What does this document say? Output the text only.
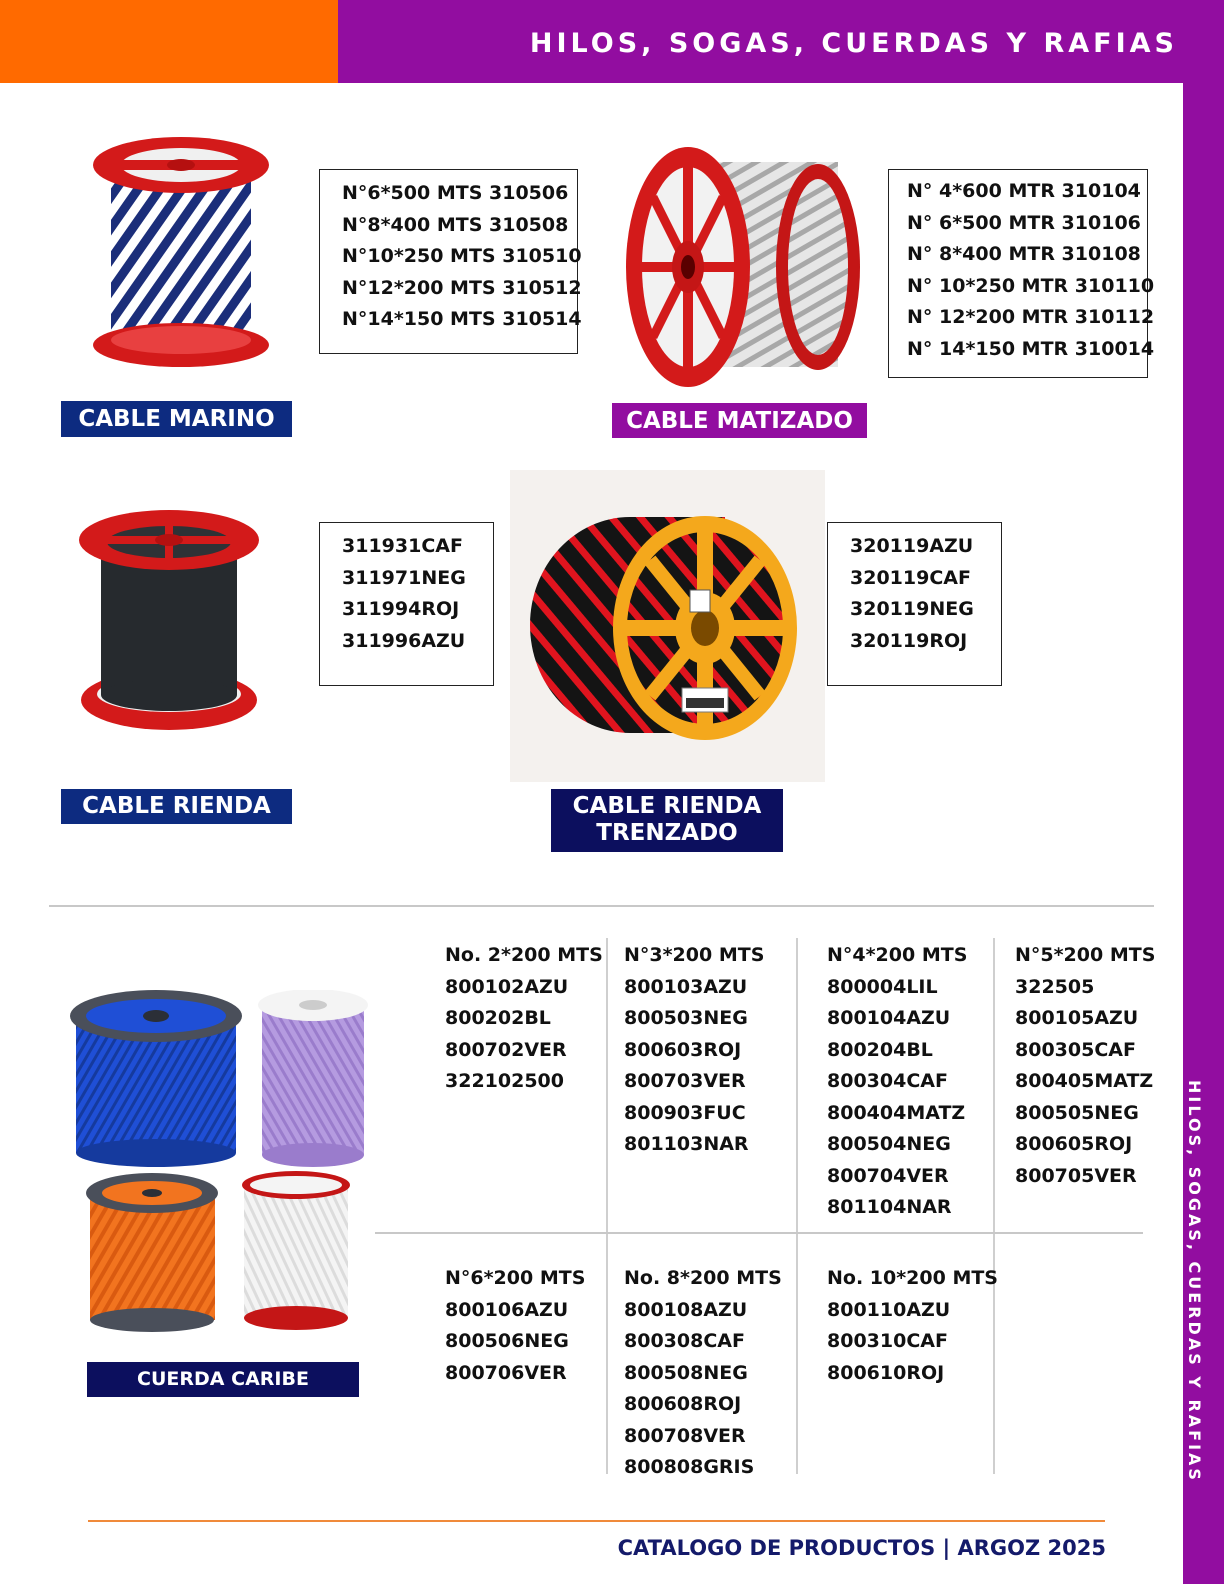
HILOS, SOGAS, CUERDAS Y RAFIAS
HILOS, SOGAS, CUERDAS Y RAFIAS
N°6*500 MTS 310506
N°8*400 MTS 310508
N°10*250 MTS 310510
N°12*200 MTS 310512
N°14*150 MTS 310514
CABLE MARINO
N° 4*600 MTR 310104
N° 6*500 MTR 310106
N° 8*400 MTR 310108
N° 10*250 MTR 310110
N° 12*200 MTR 310112
N° 14*150 MTR 310014
CABLE MATIZADO
311931CAF
311971NEG
311994ROJ
311996AZU
CABLE RIENDA
320119AZU
320119CAF
320119NEG
320119ROJ
CABLE RIENDA
TRENZADO
CUERDA CARIBE
No. 2*200 MTS
800102AZU
800202BL
800702VER
322102500
N°3*200 MTS
800103AZU
800503NEG
800603ROJ
800703VER
800903FUC
801103NAR
N°4*200 MTS
800004LIL
800104AZU
800204BL
800304CAF
800404MATZ
800504NEG
800704VER
801104NAR
N°5*200 MTS
322505
800105AZU
800305CAF
800405MATZ
800505NEG
800605ROJ
800705VER
N°6*200 MTS
800106AZU
800506NEG
800706VER
No. 8*200 MTS
800108AZU
800308CAF
800508NEG
800608ROJ
800708VER
800808GRIS
No. 10*200 MTS
800110AZU
800310CAF
800610ROJ
CATALOGO DE PRODUCTOS | ARGOZ 2025
